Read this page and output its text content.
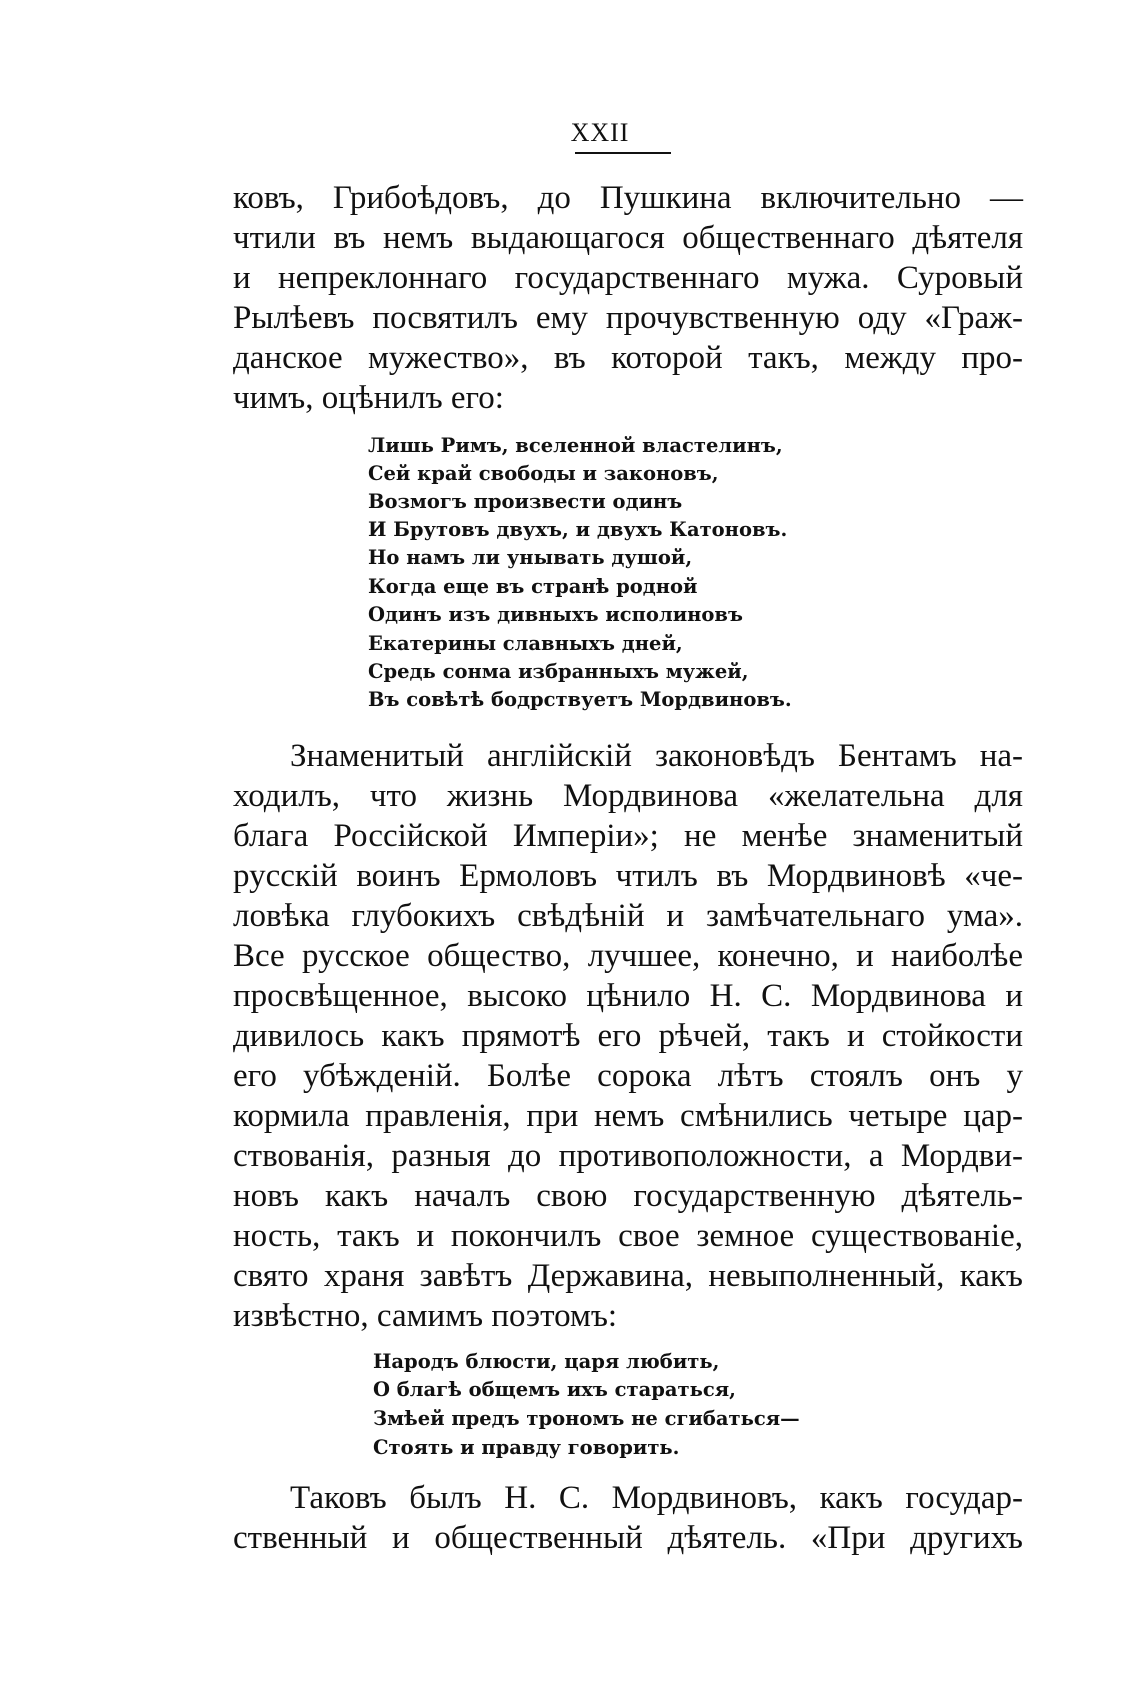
XXII
ковъ, Грибоѣдовъ, до Пушкина включительно —
чтили въ немъ выдающагося общественнаго дѣятеля
и непреклоннаго государственнаго мужа. Суровый
Рылѣевъ посвятилъ ему прочувственную оду «Граж-
данское мужество», въ которой такъ, между про-
чимъ, оцѣнилъ его:
Лишь Римъ, вселенной властелинъ,
Сей край свободы и законовъ,
Возмогъ произвести одинъ
И Брутовъ двухъ, и двухъ Катоновъ.
Но намъ ли унывать душой,
Когда еще въ странѣ родной
Одинъ изъ дивныхъ исполиновъ
Екатерины славныхъ дней,
Средь сонма избранныхъ мужей,
Въ совѣтѣ бодрствуетъ Мордвиновъ.
Знаменитый англійскій законовѣдъ Бентамъ на-
ходилъ, что жизнь Мордвинова «желательна для
блага Россійской Имперіи»; не менѣе знаменитый
русскій воинъ Ермоловъ чтилъ въ Мордвиновѣ «че-
ловѣка глубокихъ свѣдѣній и замѣчательнаго ума».
Все русское общество, лучшее, конечно, и наиболѣе
просвѣщенное, высоко цѣнило Н. С. Мордвинова и
дивилось какъ прямотѣ его рѣчей, такъ и стойкости
его убѣжденій. Болѣе сорока лѣтъ стоялъ онъ у
кормила правленія, при немъ смѣнились четыре цар-
ствованія, разныя до противоположности, а Мордви-
новъ какъ началъ свою государственную дѣятель-
ность, такъ и покончилъ свое земное существованіе,
свято храня завѣтъ Державина, невыполненный, какъ
извѣстно, самимъ поэтомъ:
Народъ блюсти, царя любить,
О благѣ общемъ ихъ стараться,
Змѣей предъ трономъ не сгибаться—
Стоять и правду говорить.
Таковъ былъ Н. С. Мордвиновъ, какъ государ-
ственный и общественный дѣятель. «При другихъ
